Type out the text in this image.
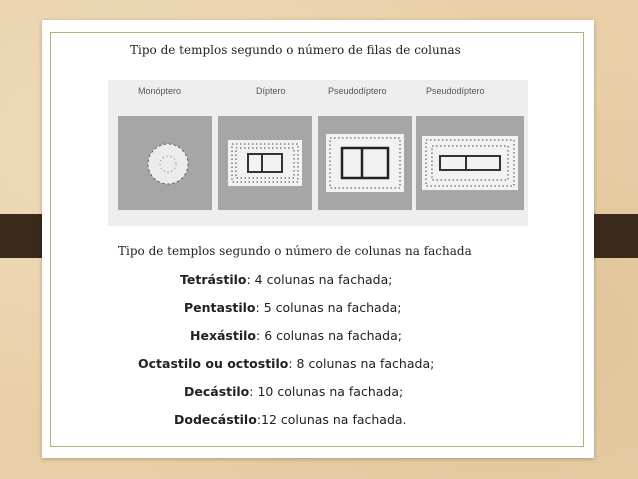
Tipo de templos segundo o número de filas de colunas
Monóptero	Díptero	Pseudodíptero	Pseudodíptero
Tipo de templos segundo o número de colunas na fachada
Tetrástilo: 4 colunas na fachada;
Pentastilo: 5 colunas na fachada;
Hexástilo: 6 colunas na fachada;
Octastilo ou octostilo: 8 colunas na fachada;
Decástilo: 10 colunas na fachada;
Dodecástilo:12 colunas na fachada.
